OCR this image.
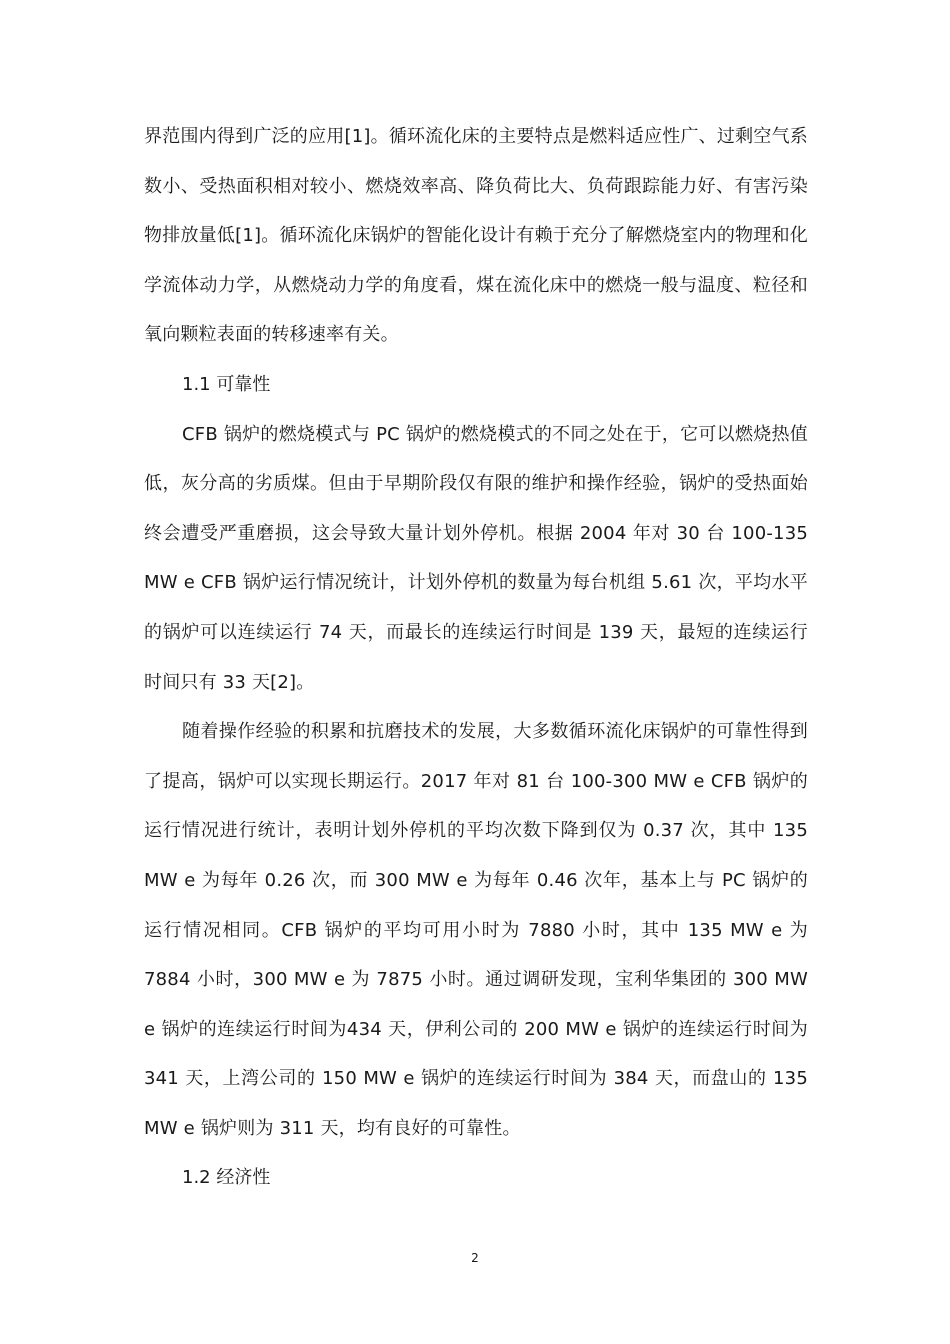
界范围内得到广泛的应用[1]。循环流化床的主要特点是燃料适应性广、过剩空气系数小、受热面积相对较小、燃烧效率高、降负荷比大、负荷跟踪能力好、有害污染物排放量低[1]。循环流化床锅炉的智能化设计有赖于充分了解燃烧室内的物理和化学流体动力学，从燃烧动力学的角度看，煤在流化床中的燃烧一般与温度、粒径和氧向颗粒表面的转移速率有关。

1.1 可靠性

CFB 锅炉的燃烧模式与 PC 锅炉的燃烧模式的不同之处在于，它可以燃烧热值低，灰分高的劣质煤。但由于早期阶段仅有限的维护和操作经验，锅炉的受热面始终会遭受严重磨损，这会导致大量计划外停机。根据 2004 年对 30 台 100-135 MW e CFB 锅炉运行情况统计，计划外停机的数量为每台机组 5.61 次，平均水平的锅炉可以连续运行 74 天，而最长的连续运行时间是 139 天，最短的连续运行时间只有 33 天[2]。

随着操作经验的积累和抗磨技术的发展，大多数循环流化床锅炉的可靠性得到了提高，锅炉可以实现长期运行。2017 年对 81 台 100-300 MW e CFB 锅炉的运行情况进行统计，表明计划外停机的平均次数下降到仅为 0.37 次，其中 135 MW e 为每年 0.26 次，而 300 MW e 为每年 0.46 次年，基本上与 PC 锅炉的运行情况相同。CFB 锅炉的平均可用小时为 7880 小时，其中 135 MW e 为 7884 小时，300 MW e 为 7875 小时。通过调研发现，宝利华集团的 300 MW e 锅炉的连续运行时间为434 天，伊利公司的 200 MW e 锅炉的连续运行时间为 341 天，上湾公司的 150 MW e 锅炉的连续运行时间为 384 天，而盘山的 135 MW e 锅炉则为 311 天，均有良好的可靠性。

1.2 经济性

2
